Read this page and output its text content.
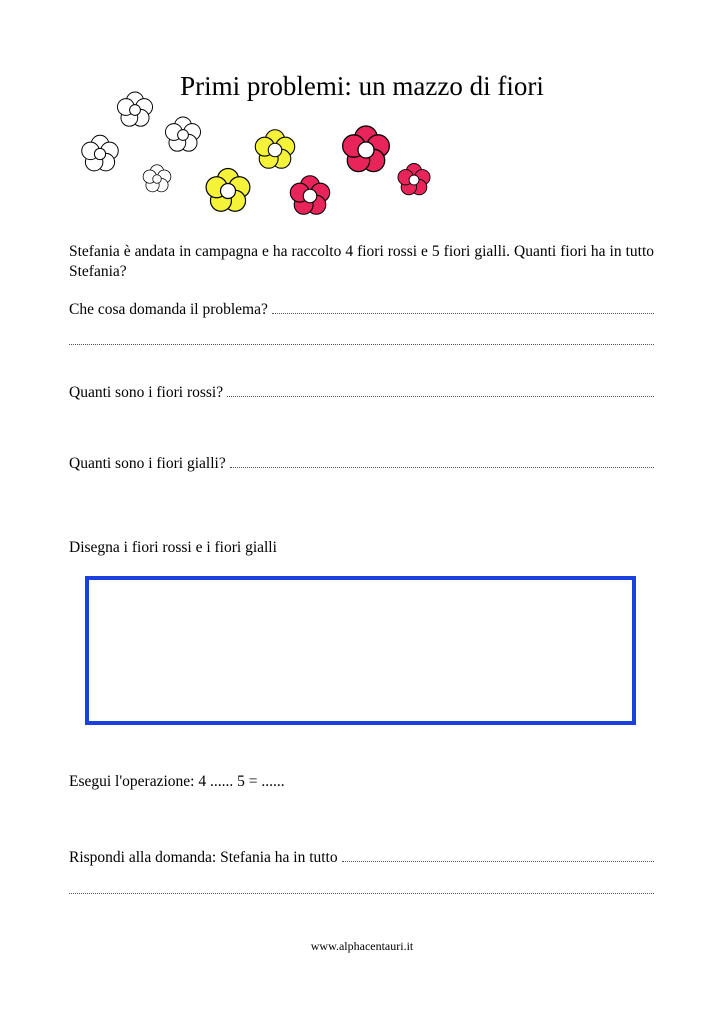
Primi problemi: un mazzo di fiori
Stefania è andata in campagna e ha raccolto 4 fiori rossi e 5 fiori gialli. Quanti fiori ha in tutto Stefania?
Che cosa domanda il problema?
Quanti sono i fiori rossi?
Quanti sono i fiori gialli?
Disegna i fiori rossi e i fiori gialli
Esegui l'operazione: 4 ...... 5 = ......
Rispondi alla domanda: Stefania ha in tutto
www.alphacentauri.it
